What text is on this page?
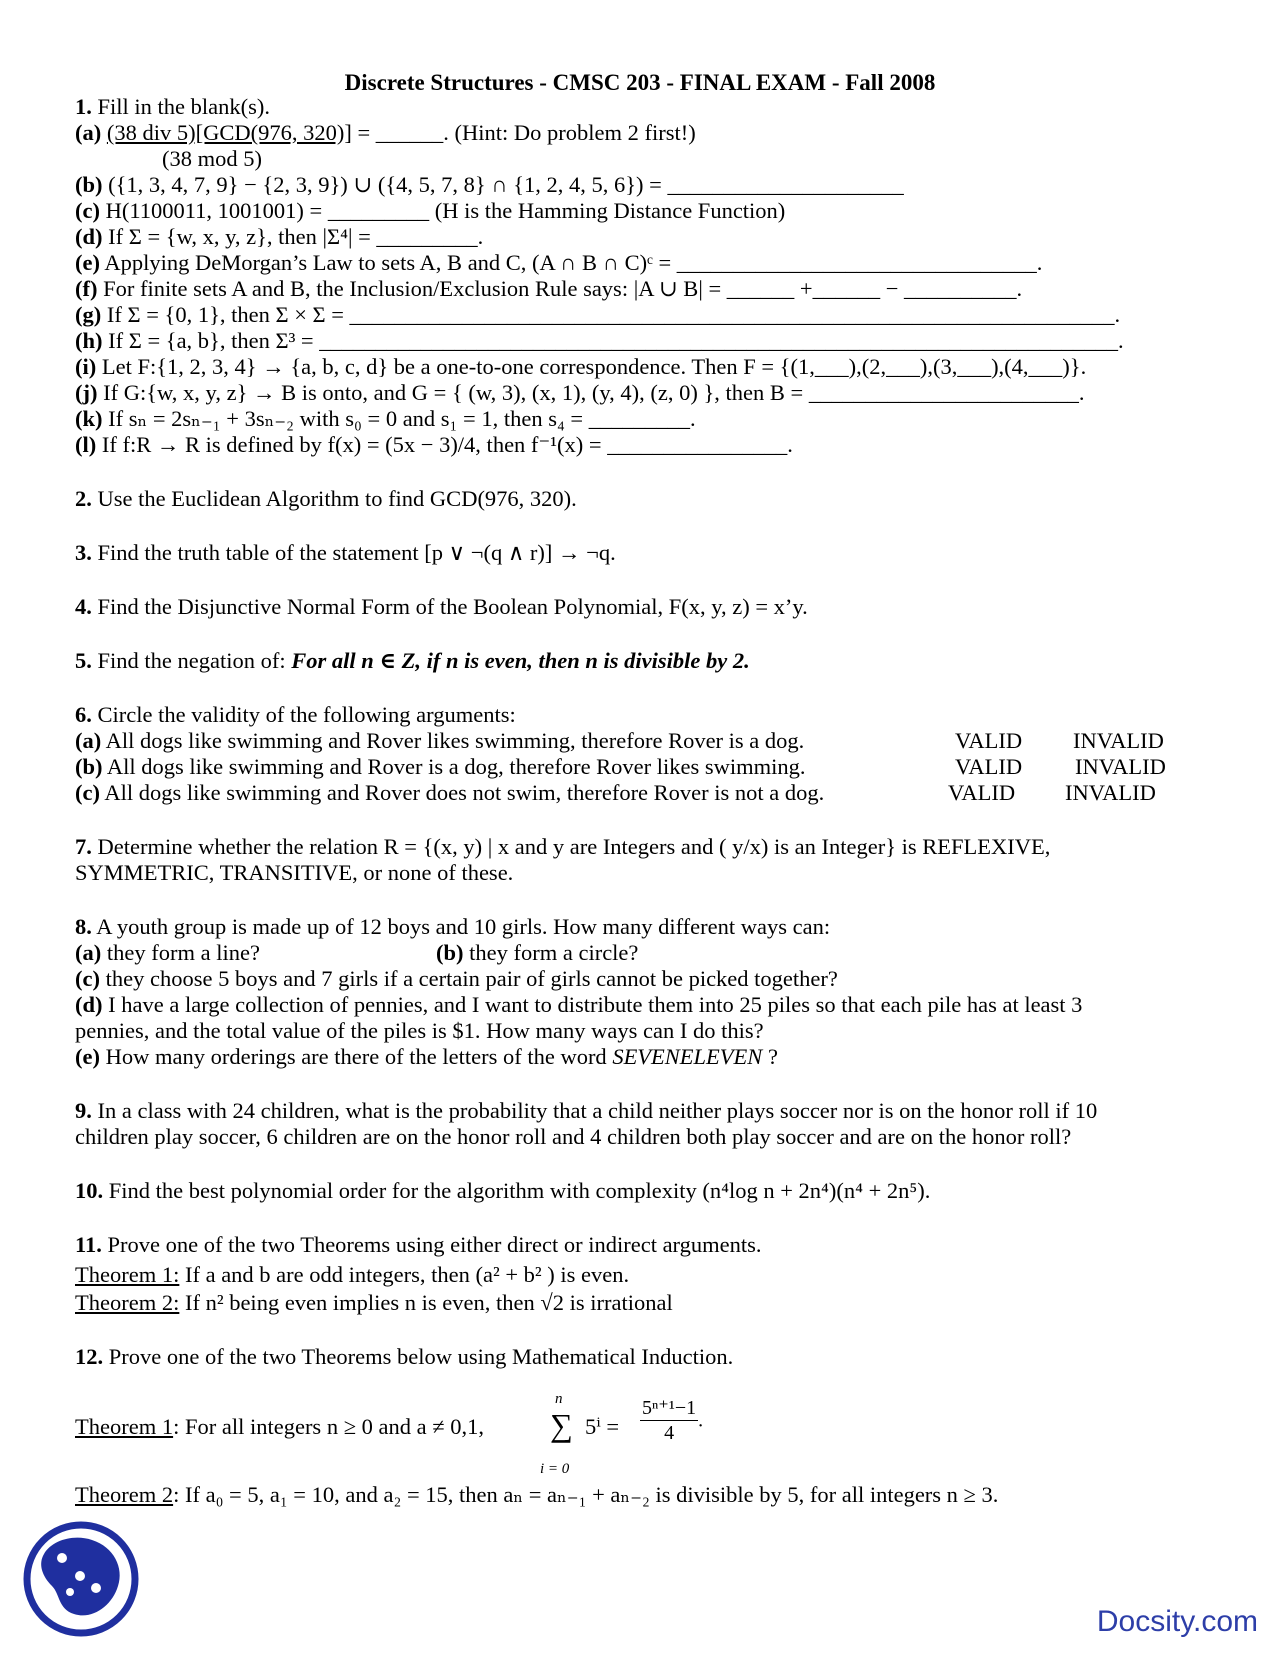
Discrete Structures - CMSC 203 - FINAL EXAM - Fall 2008
1. Fill in the blank(s).
(a) (38 div 5)[GCD(976, 320)] = ______. (Hint: Do problem 2 first!)
(38 mod 5)
(b) ({1, 3, 4, 7, 9} − {2, 3, 9}) ∪ ({4, 5, 7, 8} ∩ {1, 2, 4, 5, 6}) = _____________________
(c) H(1100011, 1001001) = _________ (H is the Hamming Distance Function)
(d) If Σ = {w, x, y, z}, then |Σ⁴| = _________.
(e) Applying DeMorgan’s Law to sets A, B and C, (A ∩ B ∩ C)ᶜ = ________________________________.
(f) For finite sets A and B, the Inclusion/Exclusion Rule says: |A ∪ B| = ______ +______ − __________.
(g) If Σ = {0, 1}, then Σ × Σ = ____________________________________________________________________.
(h) If Σ = {a, b}, then Σ³ = _______________________________________________________________________.
(i) Let F:{1, 2, 3, 4} → {a, b, c, d} be a one-to-one correspondence. Then F = {(1,___),(2,___),(3,___),(4,___)}.
(j) If G:{w, x, y, z} → B is onto, and G = { (w, 3), (x, 1), (y, 4), (z, 0) }, then B = ________________________.
(k) If sₙ = 2sₙ₋₁ + 3sₙ₋₂ with s₀ = 0 and s₁ = 1, then s₄ = _________.
(l) If f:R → R is defined by f(x) = (5x − 3)/4, then f⁻¹(x) = ________________.
2. Use the Euclidean Algorithm to find GCD(976, 320).
3. Find the truth table of the statement [p ∨ ¬(q ∧ r)] → ¬q.
4. Find the Disjunctive Normal Form of the Boolean Polynomial, F(x, y, z) = x’y.
5. Find the negation of: For all n ∈ Z, if n is even, then n is divisible by 2.
6. Circle the validity of the following arguments:
(a) All dogs like swimming and Rover likes swimming, therefore Rover is a dog.	VALID INVALID
(b) All dogs like swimming and Rover is a dog, therefore Rover likes swimming.	VALID INVALID
(c) All dogs like swimming and Rover does not swim, therefore Rover is not a dog.	VALID INVALID
7. Determine whether the relation R = {(x, y) | x and y are Integers and ( y/x) is an Integer} is REFLEXIVE,
SYMMETRIC, TRANSITIVE, or none of these.
8. A youth group is made up of 12 boys and 10 girls. How many different ways can:
(a) they form a line?	(b) they form a circle?
(c) they choose 5 boys and 7 girls if a certain pair of girls cannot be picked together?
(d) I have a large collection of pennies, and I want to distribute them into 25 piles so that each pile has at least 3
pennies, and the total value of the piles is $1. How many ways can I do this?
(e) How many orderings are there of the letters of the word SEVENELEVEN ?
9. In a class with 24 children, what is the probability that a child neither plays soccer nor is on the honor roll if 10
children play soccer, 6 children are on the honor roll and 4 children both play soccer and are on the honor roll?
10. Find the best polynomial order for the algorithm with complexity (n⁴log n + 2n⁴)(n⁴ + 2n⁵).
11. Prove one of the two Theorems using either direct or indirect arguments.
Theorem 1: If a and b are odd integers, then (a² + b² ) is even.
Theorem 2: If n² being even implies n is even, then √2 is irrational
12. Prove one of the two Theorems below using Mathematical Induction.
n
Theorem 1: For all integers n ≥ 0 and a ≠ 0,1, ∑ $5^i = \frac{\text{5ⁿ⁺¹−1}}{4}$ .
i = 0
Theorem 2: If a₀ = 5, a₁ = 10, and a₂ = 15, then aₙ = aₙ₋₁ + aₙ₋₂ is divisible by 5, for all integers n ≥ 3.
Docsity.com
